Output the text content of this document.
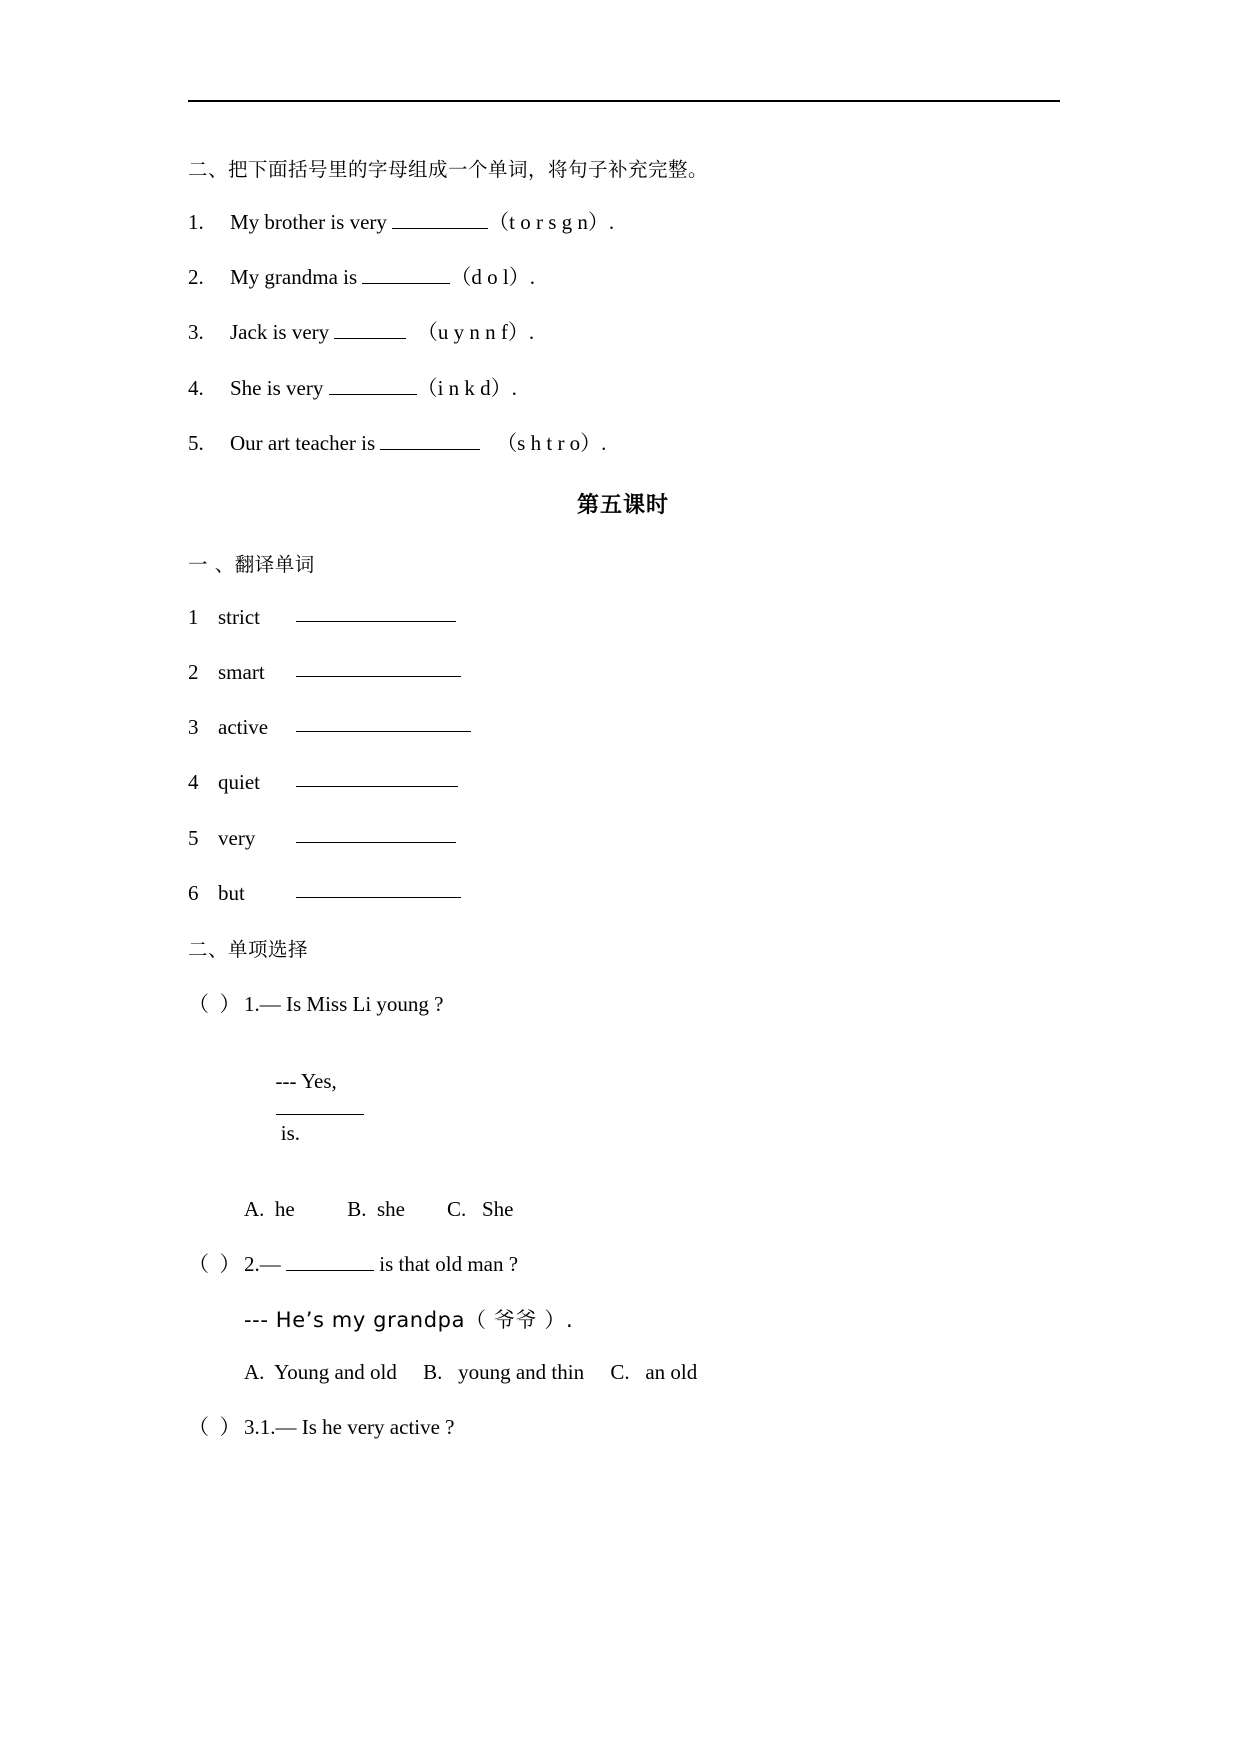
二、把下面括号里的字母组成一个单词，将句子补充完整。
1.	My brother is very	（t o r s g n）.
2.	My grandma is	（d o l）.
3.	Jack is very	（u y n n f）.
4.	She is very	（i n k d）.
5.	Our art teacher is	（s h t r o）.
第五课时
一 、翻译单词
1 strict
2 smart
3 active
4 quiet
5 very
6 but
二、单项选择
（  ） 1. — Is Miss Li young ?

--- Yes,

is.

A.  he          B.  she        C.   She
（  ） 2. —	is that old man ?
--- He’s my grandpa（ 爷爷 ）.
A.  Young and old     B.   young and thin     C.   an old
（  ） 3. 1.— Is he very active ?
